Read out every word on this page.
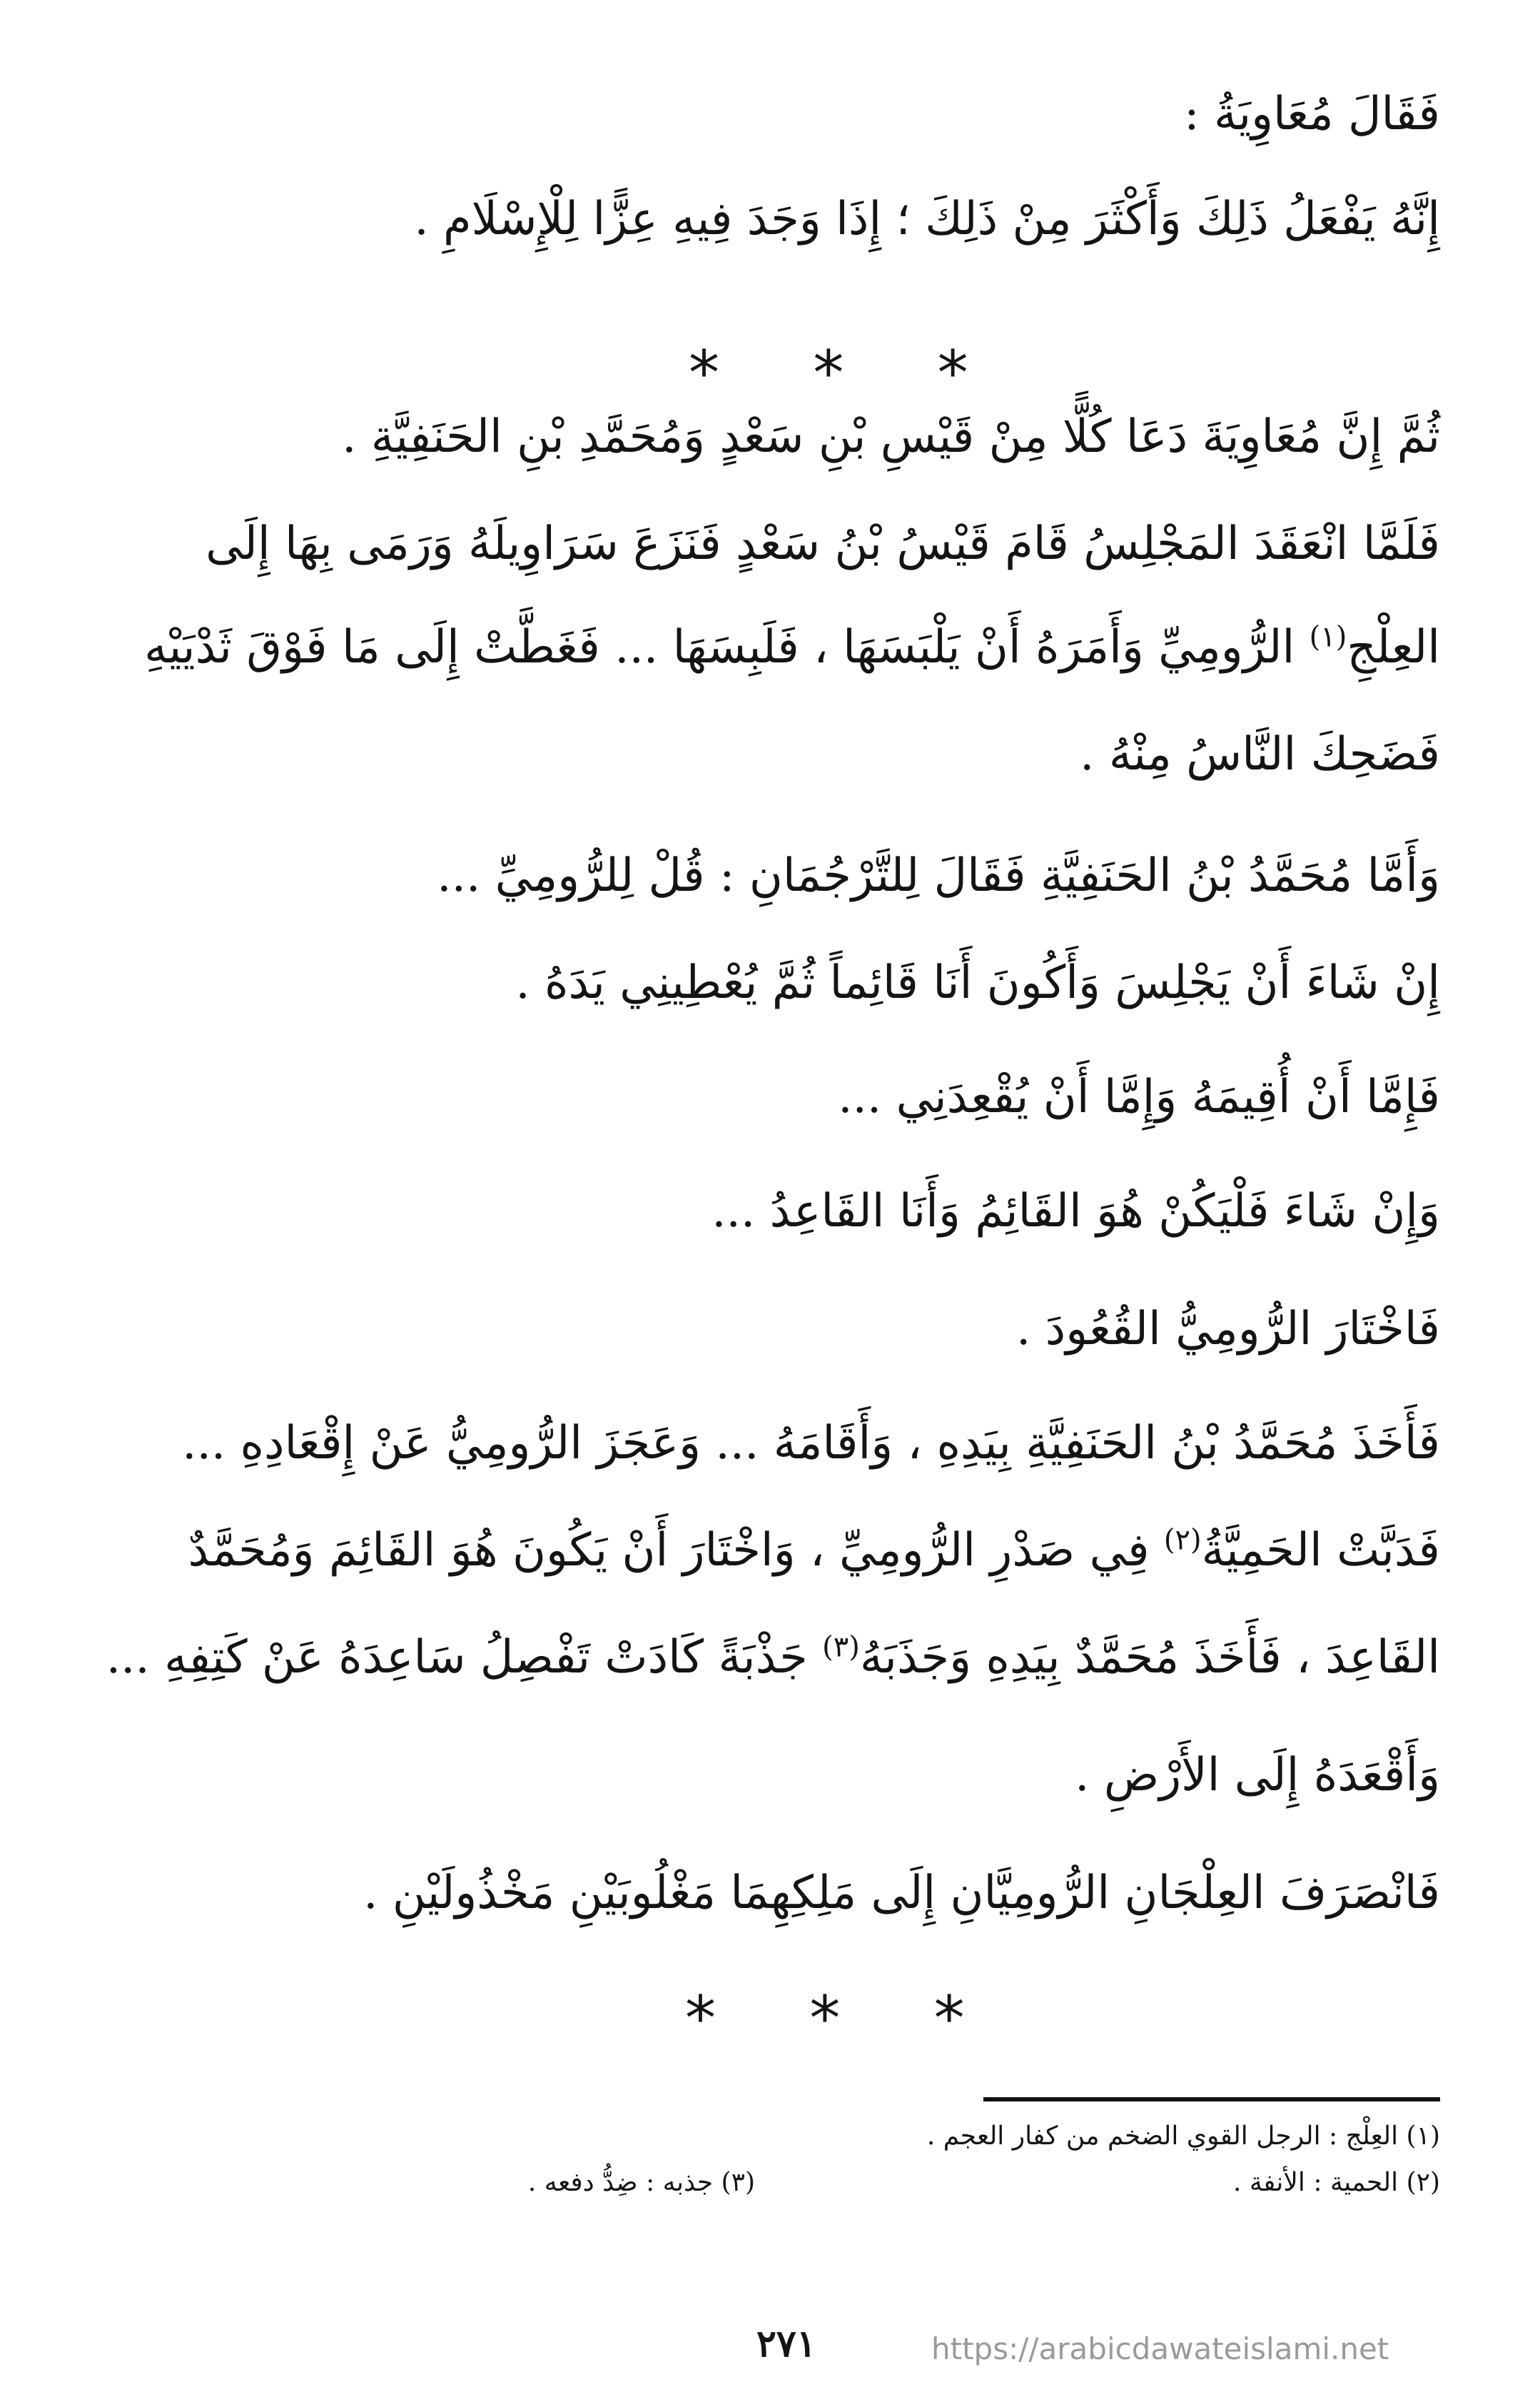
فَقَالَ مُعَاوِيَةُ :
إِنَّهُ يَفْعَلُ ذَلِكَ وَأَكْثَرَ مِنْ ذَلِكَ ؛ إِذَا وَجَدَ فِيهِ عِزًّا لِلْإِسْلَامِ .
* * *
ثُمَّ إِنَّ مُعَاوِيَةَ دَعَا كُلًّا مِنْ قَيْسِ بْنِ سَعْدٍ وَمُحَمَّدِ بْنِ الحَنَفِيَّةِ .
فَلَمَّا انْعَقَدَ المَجْلِسُ قَامَ قَيْسُ بْنُ سَعْدٍ فَنَزَعَ سَرَاوِيلَهُ وَرَمَى بِهَا إِلَى
العِلْجِ$^{(١)}$ الرُّومِيِّ وَأَمَرَهُ أَنْ يَلْبَسَهَا ، فَلَبِسَهَا ... فَغَطَّتْ إِلَى مَا فَوْقَ ثَدْيَيْهِ
فَضَحِكَ النَّاسُ مِنْهُ .
وَأَمَّا مُحَمَّدُ بْنُ الحَنَفِيَّةِ فَقَالَ لِلتَّرْجُمَانِ : قُلْ لِلرُّومِيِّ ...
إِنْ شَاءَ أَنْ يَجْلِسَ وَأَكُونَ أَنَا قَائِماً ثُمَّ يُعْطِينِي يَدَهُ .
فَإِمَّا أَنْ أُقِيمَهُ وَإِمَّا أَنْ يُقْعِدَنِي ...
وَإِنْ شَاءَ فَلْيَكُنْ هُوَ القَائِمُ وَأَنَا القَاعِدُ ...
فَاخْتَارَ الرُّومِيُّ القُعُودَ .
فَأَخَذَ مُحَمَّدُ بْنُ الحَنَفِيَّةِ بِيَدِهِ ، وَأَقَامَهُ ... وَعَجَزَ الرُّومِيُّ عَنْ إِقْعَادِهِ ...
فَدَبَّتْ الحَمِيَّةُ$^{(٢)}$ فِي صَدْرِ الرُّومِيِّ ، وَاخْتَارَ أَنْ يَكُونَ هُوَ القَائِمَ وَمُحَمَّدٌ
القَاعِدَ ، فَأَخَذَ مُحَمَّدٌ بِيَدِهِ وَجَذَبَهُ$^{(٣)}$ جَذْبَةً كَادَتْ تَفْصِلُ سَاعِدَهُ عَنْ كَتِفِهِ ...
وَأَقْعَدَهُ إِلَى الأَرْضِ .
فَانْصَرَفَ العِلْجَانِ الرُّومِيَّانِ إِلَى مَلِكِهِمَا مَغْلُوبَيْنِ مَخْذُولَيْنِ .
* * *
(١) العِلْج : الرجل القوي الضخم من كفار العجم .
(٢) الحمية : الأنفة .
(٣) جذبه : ضِدُّ دفعه .
٢٧١	https://arabicdawateislami.net
